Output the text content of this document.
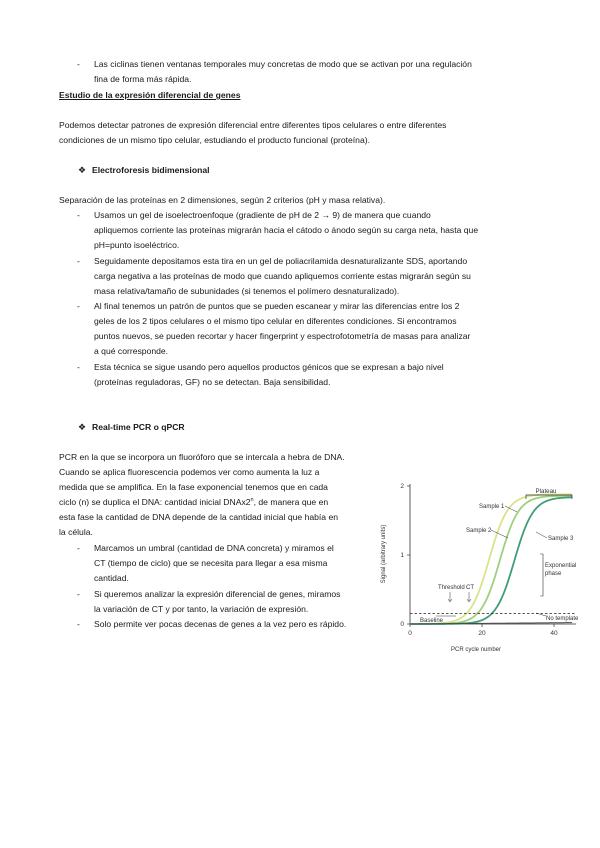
-	Las ciclinas tienen ventanas temporales muy concretas de modo que se activan por una regulación

fina de forma más rápida.

Estudio de la expresión diferencial de genes

Podemos detectar patrones de expresión diferencial entre diferentes tipos celulares o entre diferentes

condiciones de un mismo tipo celular, estudiando el producto funcional (proteína).

❖ Electroforesis bidimensional

Separación de las proteínas en 2 dimensiones, según 2 criterios (pH y masa relativa).

- Usamos un gel de isoelectroenfoque (gradiente de pH de 2 → 9) de manera que cuando

apliquemos corriente las proteínas migrarán hacia el cátodo o ánodo según su carga neta, hasta que

pH=punto isoeléctrico.

- Seguidamente depositamos esta tira en un gel de poliacrilamida desnaturalizante SDS, aportando

carga negativa a las proteínas de modo que cuando apliquemos corriente estas migrarán según su

masa relativa/tamaño de subunidades (si tenemos el polímero desnaturalizado).

- Al final tenemos un patrón de puntos que se pueden escanear y mirar las diferencias entre los 2

geles de los 2 tipos celulares o el mismo tipo celular en diferentes condiciones. Si encontramos

puntos nuevos, se pueden recortar y hacer fingerprint y espectrofotometría de masas para analizar

a qué corresponde.

- Esta técnica se sigue usando pero aquellos productos génicos que se expresan a bajo nivel

(proteínas reguladoras, GF) no se detectan. Baja sensibilidad.

❖ Real-time PCR o qPCR

PCR en la que se incorpora un fluoróforo que se intercala a hebra de DNA.

Cuando se aplica fluorescencia podemos ver como aumenta la luz a

medida que se amplifica. En la fase exponencial tenemos que en cada

ciclo (n) se duplica el DNA: cantidad inicial DNAx2$^n$, de manera que en

esta fase la cantidad de DNA depende de la cantidad inicial que había en

la célula.

- Marcamos un umbral (cantidad de DNA concreta) y miramos el

CT (tiempo de ciclo) que se necesita para llegar a esa misma

cantidad.

- Si queremos analizar la expresión diferencial de genes, miramos

la variación de CT y por tanto, la variación de expresión.

- Solo permite ver pocas decenas de genes a la vez pero es rápido.

0	20	40
0
1
2
Plateau
Sample 1
Sample 2
Sample 3
Exponential
phase
Threshold CT
Baseline	No template
PCR cycle number
Signal (arbitrary units)
